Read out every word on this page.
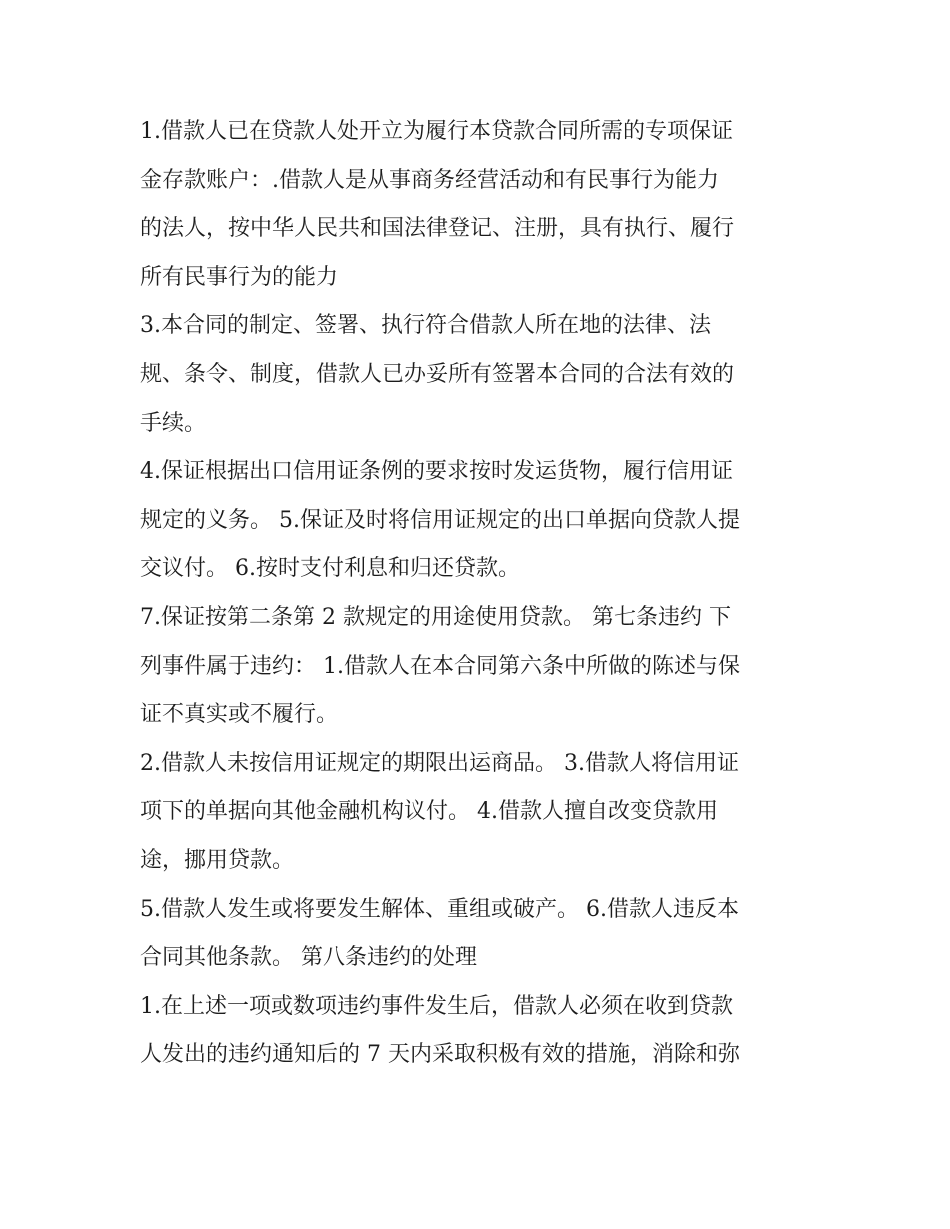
1.借款人已在贷款人处开立为履行本贷款合同所需的专项保证
金存款账户：.借款人是从事商务经营活动和有民事行为能力
的法人，按中华人民共和国法律登记、注册，具有执行、履行
所有民事行为的能力

3.本合同的制定、签署、执行符合借款人所在地的法律、法
规、条令、制度，借款人已办妥所有签署本合同的合法有效的
手续。

4.保证根据出口信用证条例的要求按时发运货物，履行信用证
规定的义务。 5.保证及时将信用证规定的出口单据向贷款人提
交议付。 6.按时支付利息和归还贷款。

7.保证按第二条第 2 款规定的用途使用贷款。 第七条违约 下
列事件属于违约： 1.借款人在本合同第六条中所做的陈述与保
证不真实或不履行。

2.借款人未按信用证规定的期限出运商品。 3.借款人将信用证
项下的单据向其他金融机构议付。 4.借款人擅自改变贷款用
途，挪用贷款。

5.借款人发生或将要发生解体、重组或破产。 6.借款人违反本
合同其他条款。 第八条违约的处理

1.在上述一项或数项违约事件发生后，借款人必须在收到贷款
人发出的违约通知后的 7 天内采取积极有效的措施，消除和弥
